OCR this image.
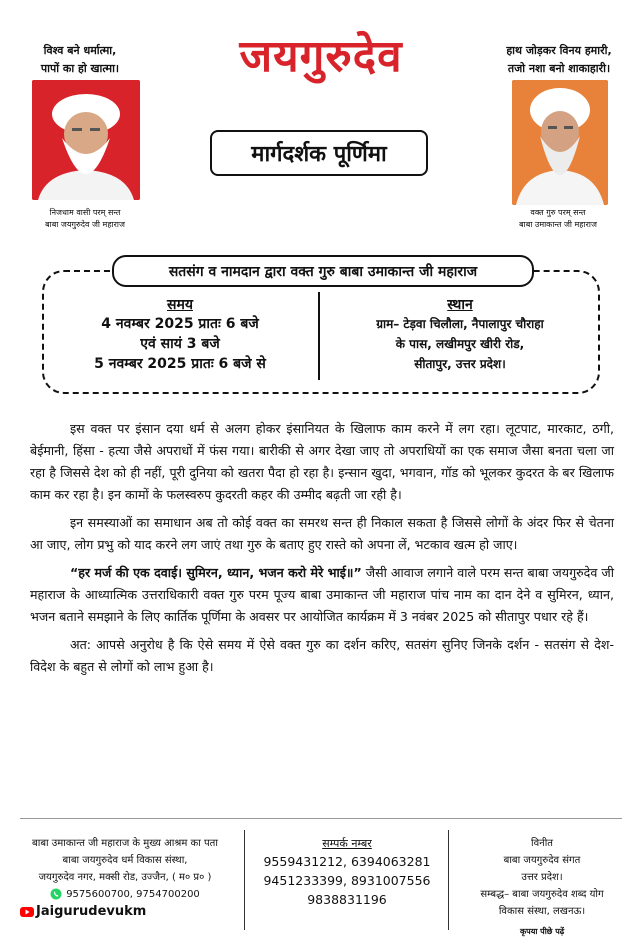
जयगुरुदेव
विश्व बने धर्मात्मा,
पापों का हो खात्मा।
हाथ जोड़कर विनय हमारी,
तजो नशा बनो शाकाहारी।
निजधाम वासी परम् सन्त
बाबा जयगुरुदेव जी महाराज
वक्त गुरु परम् सन्त
बाबा उमाकान्त जी महाराज
मार्गदर्शक पूर्णिमा
सतसंग व नामदान द्वारा वक्त गुरु बाबा उमाकान्त जी महाराज
समय
4 नवम्बर 2025 प्रातः 6 बजे
एवं सायं 3 बजे
5 नवम्बर 2025 प्रातः 6 बजे से
स्थान
ग्राम– टेड़वा चिलौला, नैपालापुर चौराहा
के पास, लखीमपुर खीरी रोड,
सीतापुर, उत्तर प्रदेश।

इस वक्त पर इंसान दया धर्म से अलग होकर इंसानियत के खिलाफ काम करने में लग रहा। लूटपाट, मारकाट, ठगी, बेईमानी, हिंसा - हत्या जैसे अपराधों में फंस गया। बारीकी से अगर देखा जाए तो अपराधियों का एक समाज जैसा बनता चला जा रहा है जिससे देश को ही नहीं, पूरी दुनिया को खतरा पैदा हो रहा है। इन्सान खुदा, भगवान, गॉड को भूलकर कुदरत के बर खिलाफ काम कर रहा है। इन कामों के फलस्वरुप कुदरती कहर की उम्मीद बढ़ती जा रही है।

इन समस्याओं का समाधान अब तो कोई वक्त का समरथ सन्त ही निकाल सकता है जिससे लोगों के अंदर फिर से चेतना आ जाए, लोग प्रभु को याद करने लग जाएं तथा गुरु के बताए हुए रास्ते को अपना लें, भटकाव खत्म हो जाए।

“हर मर्ज की एक दवाई। सुमिरन, ध्यान, भजन करो मेरे भाई॥” जैसी आवाज लगाने वाले परम सन्त बाबा जयगुरुदेव जी महाराज के आध्यात्मिक उत्तराधिकारी वक्त गुरु परम पूज्य बाबा उमाकान्त जी महाराज पांच नाम का दान देने व सुमिरन, ध्यान, भजन बताने समझाने के लिए कार्तिक पूर्णिमा के अवसर पर आयोजित कार्यक्रम में 3 नवंबर 2025 को सीतापुर पधार रहे हैं।

अत: आपसे अनुरोध है कि ऐसे समय में ऐसे वक्त गुरु का दर्शन करिए, सतसंग सुनिए जिनके दर्शन - सतसंग से देश-विदेश के बहुत से लोगों को लाभ हुआ है।

बाबा उमाकान्त जी महाराज के मुख्य आश्रम का पता
बाबा जयगुरुदेव धर्म विकास संस्था,
जयगुरुदेव नगर, मक्सी रोड, उज्जैन, ( म० प्र० )
9575600700, 9754700200
Jaigurudevukm
सम्पर्क नम्बर
9559431212, 6394063281
9451233399, 8931007556
9838831196
विनीत
बाबा जयगुरुदेव संगत
उत्तर प्रदेश।
सम्बद्ध– बाबा जयगुरुदेव शब्द योग
विकास संस्था, लखनऊ।
कृपया पीछे पढ़ें
